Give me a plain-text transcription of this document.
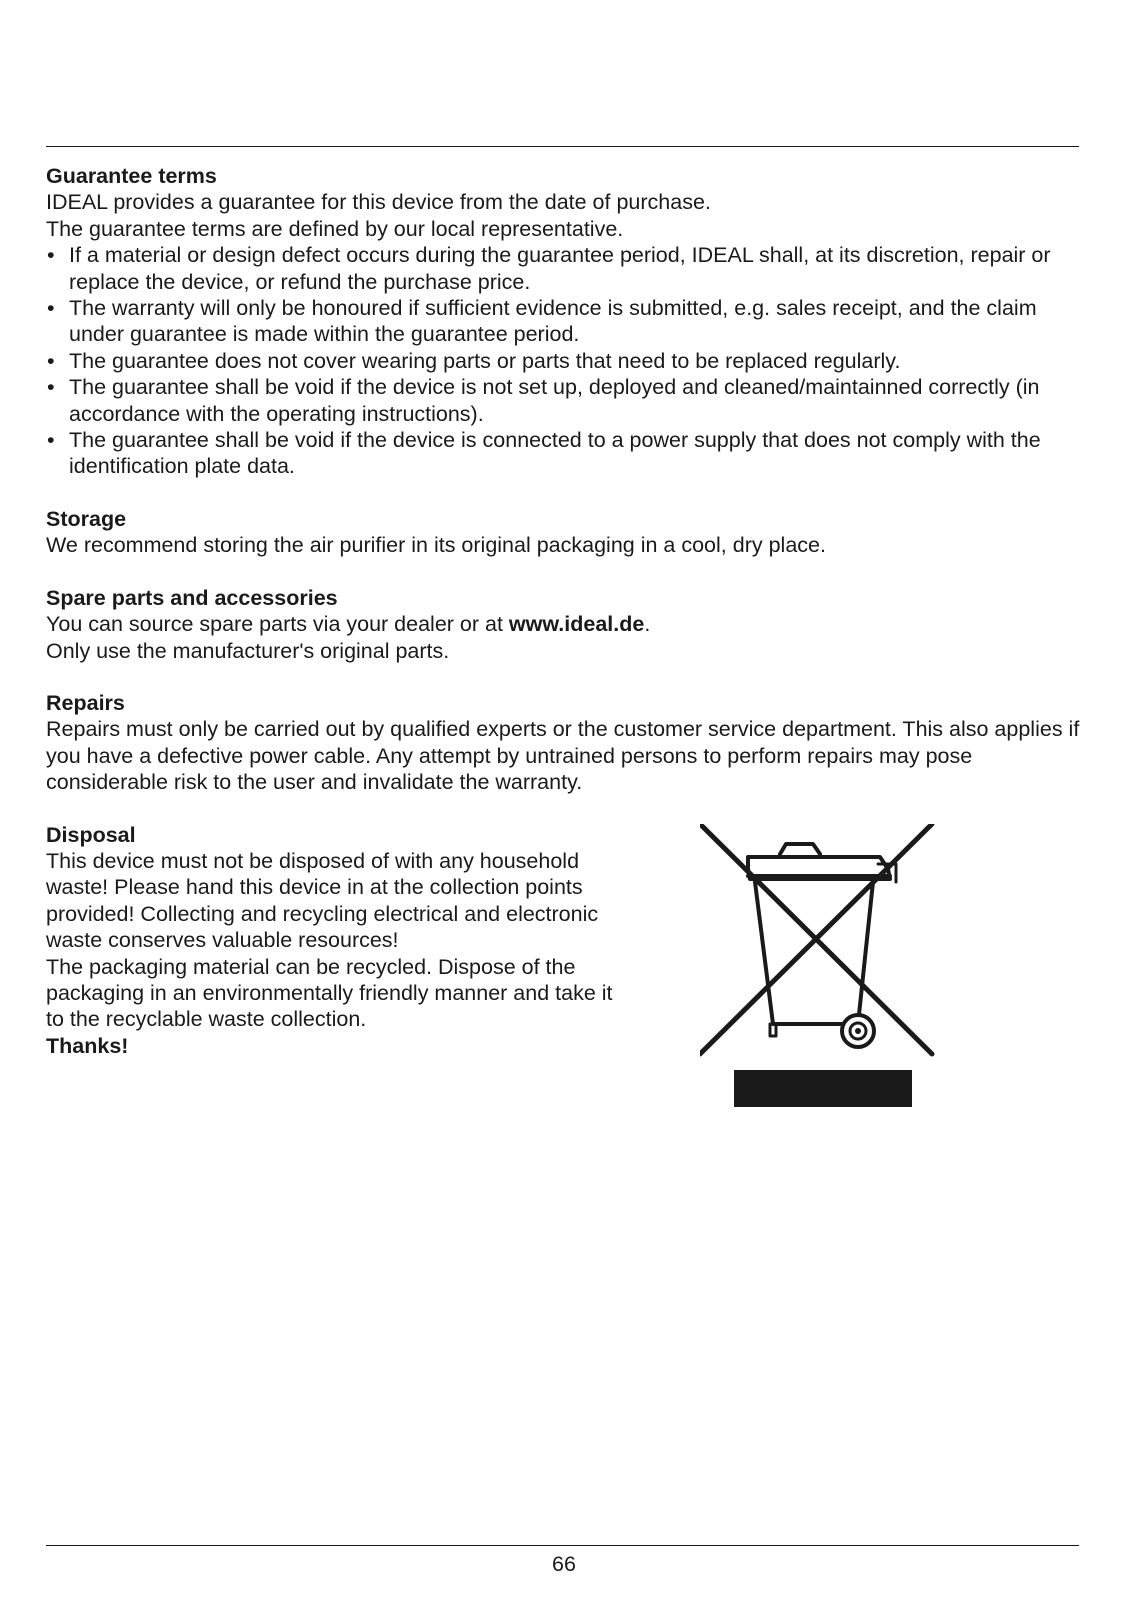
Guarantee terms

IDEAL provides a guarantee for this device from the date of purchase.

The guarantee terms are defined by our local representative.

• If a material or design defect occurs during the guarantee period, IDEAL shall, at its discretion, repair or replace the device, or refund the purchase price.
• The warranty will only be honoured if sufficient evidence is submitted, e.g. sales receipt, and the claim under guarantee is made within the guarantee period.
• The guarantee does not cover wearing parts or parts that need to be replaced regularly.
• The guarantee shall be void if the device is not set up, deployed and cleaned/maintainned correctly (in accordance with the operating instructions).
• The guarantee shall be void if the device is connected to a power supply that does not comply with the identification plate data.
Storage

We recommend storing the air purifier in its original packaging in a cool, dry place.

Spare parts and accessories

You can source spare parts via your dealer or at www.ideal.de.

Only use the manufacturer's original parts.

Repairs

Repairs must only be carried out by qualified experts or the customer service department. This also applies if you have a defective power cable. Any attempt by untrained persons to perform repairs may pose considerable risk to the user and invalidate the warranty.

Disposal

This device must not be disposed of with any household waste! Please hand this device in at the collection points provided! Collecting and recycling electrical and electronic waste conserves valuable resources!

The packaging material can be recycled. Dispose of the packaging in an environmentally friendly manner and take it to the recyclable waste collection.

Thanks!
66
